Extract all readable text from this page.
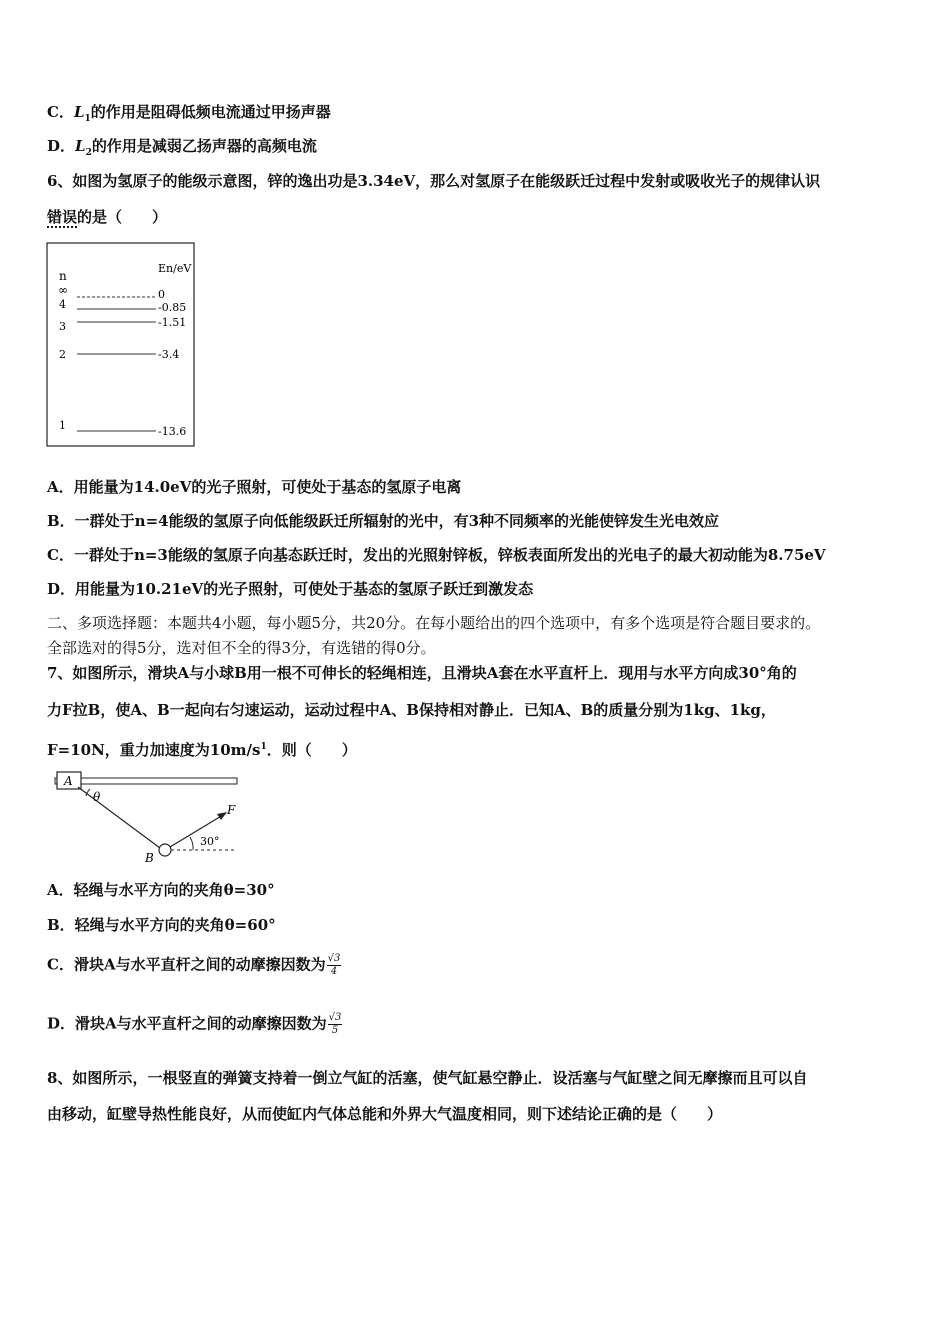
C．$L_1$的作用是阻碍低频电流通过甲扬声器
D．$L_2$的作用是减弱乙扬声器的高频电流
6、如图为氢原子的能级示意图，锌的逸出功是3.34eV，那么对氢原子在能级跃迁过程中发射或吸收光子的规律认识
错误的是（　　）
n
En/eV
∞	0
4	-0.85
3	-1.51
2	-3.4
1	-13.6
A．用能量为14.0eV的光子照射，可使处于基态的氢原子电离
B．一群处于n=4能级的氢原子向低能级跃迁所辐射的光中，有3种不同频率的光能使锌发生光电效应
C．一群处于n=3能级的氢原子向基态跃迁时，发出的光照射锌板，锌板表面所发出的光电子的最大初动能为8.75eV
D．用能量为10.21eV的光子照射，可使处于基态的氢原子跃迁到激发态
二、多项选择题：本题共4小题，每小题5分，共20分。在每小题给出的四个选项中，有多个选项是符合题目要求的。
全部选对的得5分，选对但不全的得3分，有选错的得0分。
7、如图所示，滑块A与小球B用一根不可伸长的轻绳相连，且滑块A套在水平直杆上．现用与水平方向成30°角的
力F拉B，使A、B一起向右匀速运动，运动过程中A、B保持相对静止．已知A、B的质量分别为1kg、1kg，
F=10N，重力加速度为$10m/s^1$．则（　　）
A
θ
B
F
30°
A．轻绳与水平方向的夹角θ=30°
B．轻绳与水平方向的夹角θ=60°
C．滑块A与水平直杆之间的动摩擦因数为 $\frac{√3}{4}$
D．滑块A与水平直杆之间的动摩擦因数为 $\frac{√3}{5}$
8、如图所示，一根竖直的弹簧支持着一倒立气缸的活塞，使气缸悬空静止．设活塞与气缸壁之间无摩擦而且可以自
由移动，缸壁导热性能良好，从而使缸内气体总能和外界大气温度相同，则下述结论正确的是（　　）
